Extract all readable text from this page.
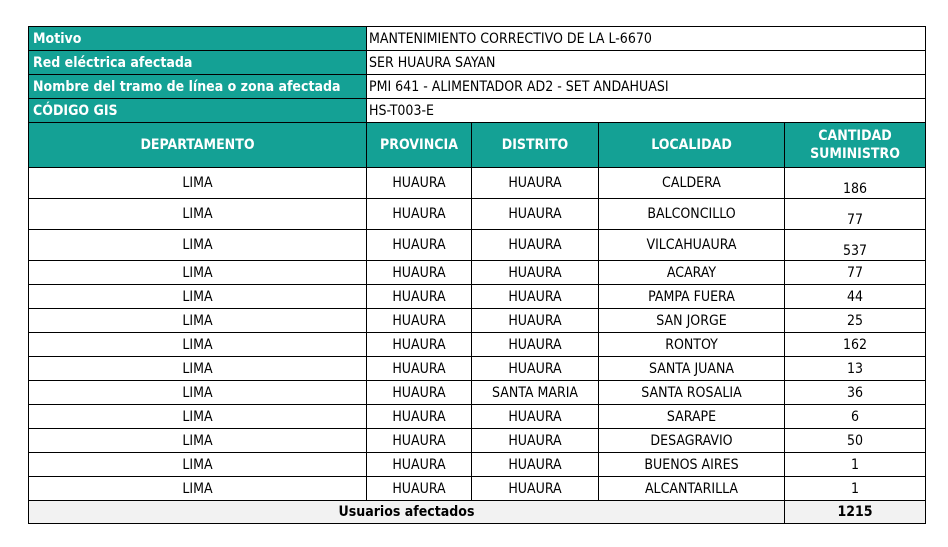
Motivo	MANTENIMIENTO CORRECTIVO DE LA L-6670			
Red eléctrica afectada	SER HUAURA SAYAN			
Nombre del tramo de línea o zona afectada	PMI 641 - ALIMENTADOR AD2 - SET ANDAHUASI			
CÓDIGO GIS	HS-T003-E			
DEPARTAMENTO	PROVINCIA	DISTRITO	LOCALIDAD	CANTIDAD SUMINISTRO
LIMA	HUAURA	HUAURA	CALDERA	186
LIMA	HUAURA	HUAURA	BALCONCILLO	77
LIMA	HUAURA	HUAURA	VILCAHUAURA	537
LIMA	HUAURA	HUAURA	ACARAY	77
LIMA	HUAURA	HUAURA	PAMPA FUERA	44
LIMA	HUAURA	HUAURA	SAN JORGE	25
LIMA	HUAURA	HUAURA	RONTOY	162
LIMA	HUAURA	HUAURA	SANTA JUANA	13
LIMA	HUAURA	SANTA MARIA	SANTA ROSALIA	36
LIMA	HUAURA	HUAURA	SARAPE	6
LIMA	HUAURA	HUAURA	DESAGRAVIO	50
LIMA	HUAURA	HUAURA	BUENOS AIRES	1
LIMA	HUAURA	HUAURA	ALCANTARILLA	1
Usuarios afectados				1215
